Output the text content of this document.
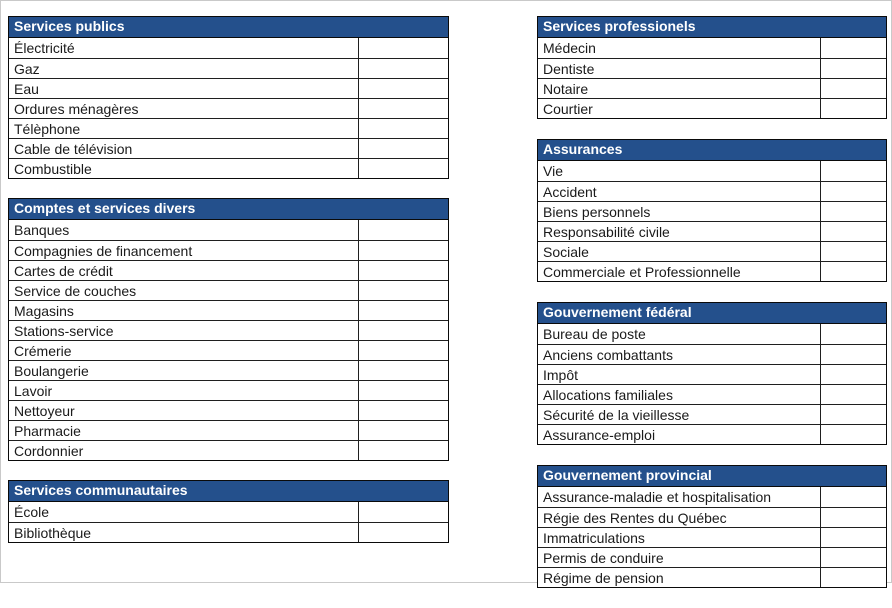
Services publics
Électricité
Gaz
Eau
Ordures ménagères
Télèphone
Cable de télévision
Combustible
Comptes et services divers
Banques
Compagnies de financement
Cartes de crédit
Service de couches
Magasins
Stations-service
Crémerie
Boulangerie
Lavoir
Nettoyeur
Pharmacie
Cordonnier
Services communautaires
École
Bibliothèque
Services professionels
Médecin
Dentiste
Notaire
Courtier
Assurances
Vie
Accident
Biens personnels
Responsabilité civile
Sociale
Commerciale et Professionnelle
Gouvernement fédéral
Bureau de poste
Anciens combattants
Impôt
Allocations familiales
Sécurité de la vieillesse
Assurance-emploi
Gouvernement provincial
Assurance-maladie et hospitalisation
Régie des Rentes du Québec
Immatriculations
Permis de conduire
Régime de pension
